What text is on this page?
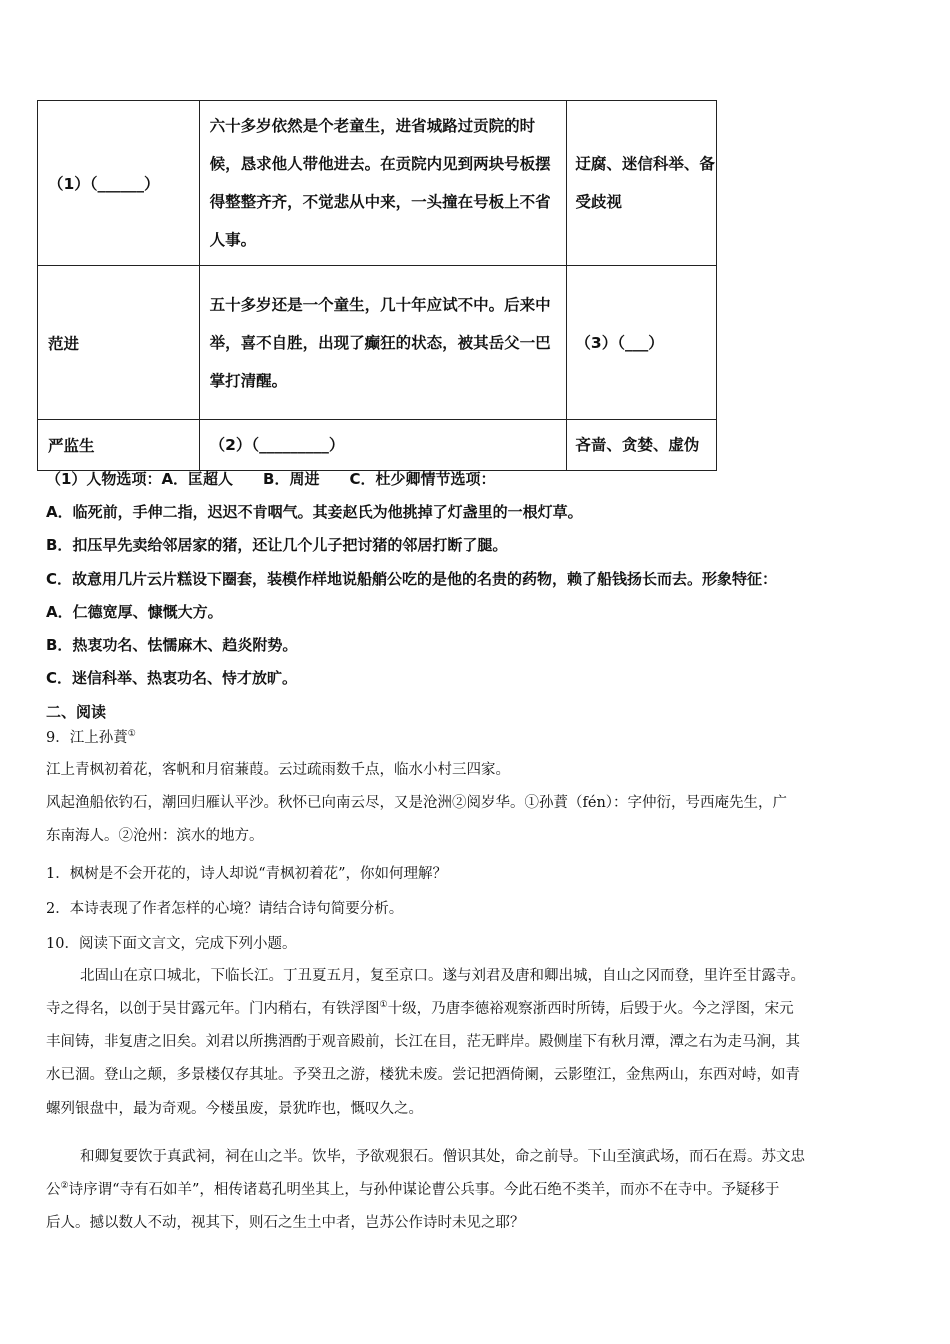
（1）（______）	六十多岁依然是个老童生，进省城路过贡院的时候，恳求他人带他进去。在贡院内见到两块号板摆得整整齐齐，不觉悲从中来，一头撞在号板上不省人事。	迂腐、迷信科举、备受歧视
范进	五十多岁还是一个童生，几十年应试不中。后来中举，喜不自胜，出现了癫狂的状态，被其岳父一巴掌打清醒。	（3）（___）
严监生	（2）（_________）	吝啬、贪婪、虚伪
（1）人物选项：A．匡超人　　B．周进　　C．杜少卿情节选项：
A．临死前，手伸二指，迟迟不肯咽气。其妾赵氏为他挑掉了灯盏里的一根灯草。
B．扣压早先卖给邻居家的猪，还让几个儿子把讨猪的邻居打断了腿。
C．故意用几片云片糕设下圈套，装模作样地说船艄公吃的是他的名贵的药物，赖了船钱扬长而去。形象特征：
A．仁德宽厚、慷慨大方。
B．热衷功名、怯懦麻木、趋炎附势。
C．迷信科举、热衷功名、恃才放旷。
二、阅读
9．江上孙蕡①
江上青枫初着花，客帆和月宿蒹葭。云过疏雨数千点，临水小村三四家。
风起渔船依钓石，潮回归雁认平沙。秋怀已向南云尽，又是沧洲②阅岁华。①孙蕡（fén）：字仲衍，号西庵先生，广
东南海人。②沧州：滨水的地方。
1．枫树是不会开花的，诗人却说“青枫初着花”，你如何理解？
2．本诗表现了作者怎样的心境？请结合诗句简要分析。
10．阅读下面文言文，完成下列小题。
北固山在京口城北，下临长江。丁丑夏五月，复至京口。遂与刘君及唐和卿出城，自山之冈而登，里许至甘露寺。
寺之得名，以创于吴甘露元年。门内稍右，有铁浮图①十级，乃唐李德裕观察浙西时所铸，后毁于火。今之浮图，宋元
丰间铸，非复唐之旧矣。刘君以所携酒酌于观音殿前，长江在目，茫无畔岸。殿侧崖下有秋月潭，潭之右为走马涧，其
水已涸。登山之颠，多景楼仅存其址。予癸丑之游，楼犹未废。尝记把酒倚阑，云影堕江，金焦两山，东西对峙，如青
螺列银盘中，最为奇观。今楼虽废，景犹昨也，慨叹久之。
和卿复要饮于真武祠，祠在山之半。饮毕，予欲观狠石。僧识其处，命之前导。下山至演武场，而石在焉。苏文忠
公②诗序谓“寺有石如羊”，相传诸葛孔明坐其上，与孙仲谋论曹公兵事。今此石绝不类羊，而亦不在寺中。予疑移于
后人。撼以数人不动，视其下，则石之生土中者，岂苏公作诗时未见之耶？
